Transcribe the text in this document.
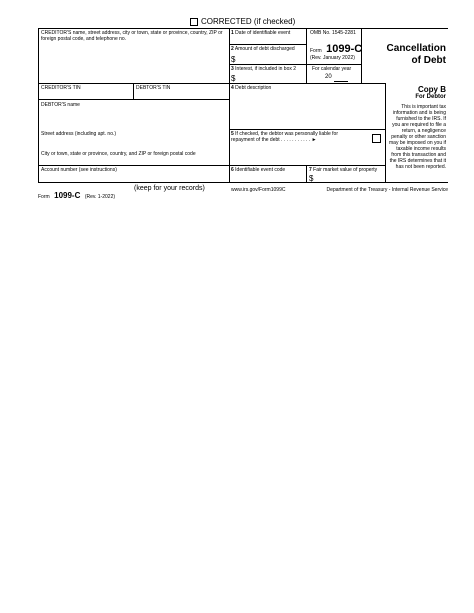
CORRECTED (if checked)
CREDITOR'S name, street address, city or town, state or province, country, ZIP or foreign postal code, and telephone no.
1 Date of identifiable event
2 Amount of debt discharged
$
3 Interest, if included in box 2
$
OMB No. 1545-2281
Form 1099-C
(Rev. January 2022)
For calendar year
20
Cancellation
of Debt
CREDITOR'S TIN	DEBTOR'S TIN
DEBTOR'S name
Street address (including apt. no.)
City or town, state or province, country, and ZIP or foreign postal code
4 Debt description
5 If checked, the debtor was personally liable for repayment of the debt . . . . . . . . . . . ►
Copy B
For Debtor
This is important tax information and is being furnished to the IRS. If you are required to file a return, a negligence penalty or other sanction may be imposed on you if taxable income results from this transaction and the IRS determines that it has not been reported.
Account number (see instructions)	6 Identifiable event code	7 Fair market value of property
$
Form 1099-C (Rev. 1-2022)
(keep for your records)	www.irs.gov/Form1099C	Department of the Treasury - Internal Revenue Service
